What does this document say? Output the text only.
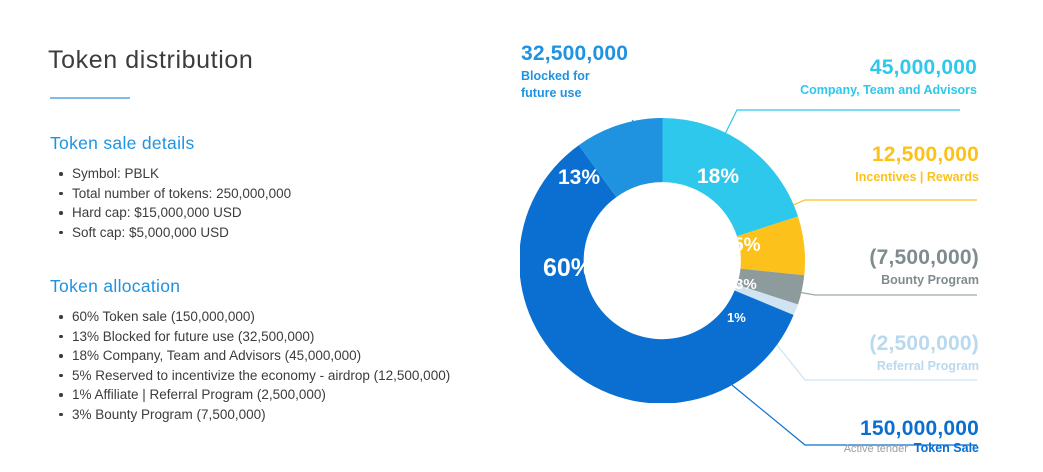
Token distribution
Token sale details
Symbol: PBLK
Total number of tokens: 250,000,000
Hard cap: $15,000,000 USD
Soft cap: $5,000,000 USD
Token allocation
60% Token sale (150,000,000)
13% Blocked for future use (32,500,000)
18% Company, Team and Advisors (45,000,000)
5% Reserved to incentivize the economy - airdrop (12,500,000)
1% Affiliate | Referral Program (2,500,000)
3% Bounty Program (7,500,000)
13%	18%
5%
3%
1%
60%
32,500,000
Blocked for
future use
45,000,000
Company, Team and Advisors
12,500,000
Incentives | Rewards
(7,500,000)
Bounty Program
(2,500,000)
Referral Program
150,000,000
Active tender Token Sale
